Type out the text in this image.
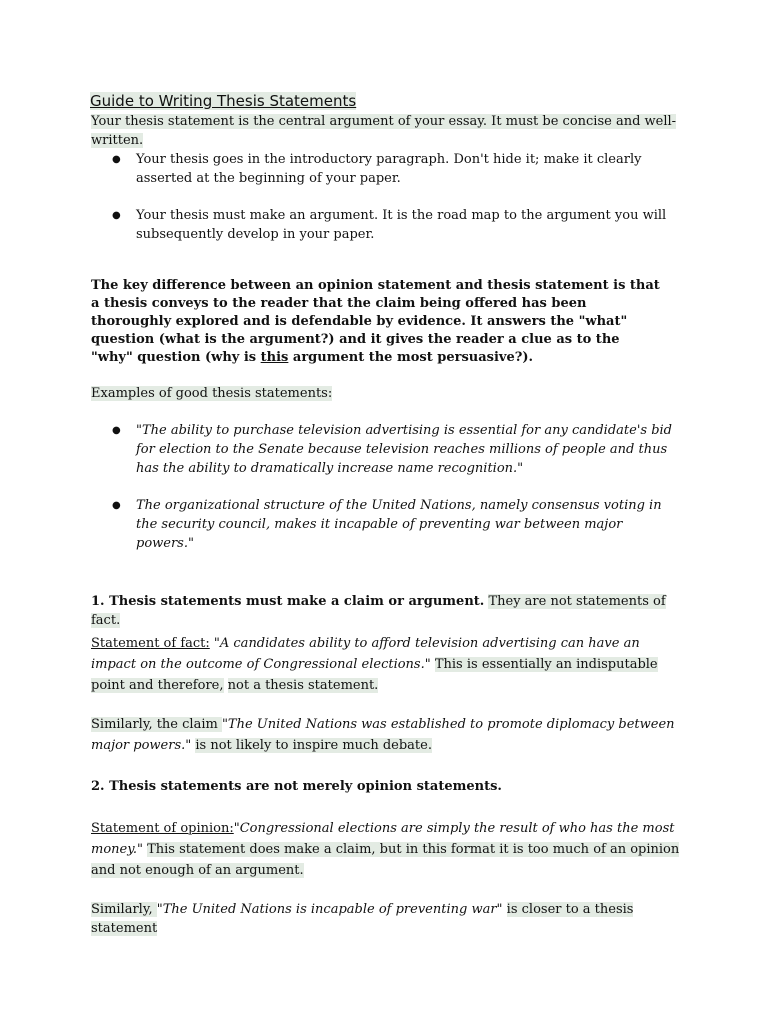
Guide to Writing Thesis Statements

Your thesis statement is the central argument of your essay. It must be concise and well-written.

● Your thesis goes in the introductory paragraph. Don't hide it; make it clearly asserted at the beginning of your paper.

● Your thesis must make an argument. It is the road map to the argument you will subsequently develop in your paper.

The key difference between an opinion statement and thesis statement is that a thesis conveys to the reader that the claim being offered has been thoroughly explored and is defendable by evidence. It answers the "what" question (what is the argument?) and it gives the reader a clue as to the "why" question (why is this argument the most persuasive?).

Examples of good thesis statements:

● "The ability to purchase television advertising is essential for any candidate's bid for election to the Senate because television reaches millions of people and thus has the ability to dramatically increase name recognition."

● The organizational structure of the United Nations, namely consensus voting in the security council, makes it incapable of preventing war between major powers."

1. Thesis statements must make a claim or argument. They are not statements of fact.

Statement of fact: "A candidates ability to afford television advertising can have an impact on the outcome of Congressional elections." This is essentially an indisputable point and therefore, not a thesis statement.

Similarly, the claim "The United Nations was established to promote diplomacy between major powers." is not likely to inspire much debate.

2. Thesis statements are not merely opinion statements.

Statement of opinion:"Congressional elections are simply the result of who has the most money." This statement does make a claim, but in this format it is too much of an opinion and not enough of an argument.

Similarly, "The United Nations is incapable of preventing war" is closer to a thesis statement
